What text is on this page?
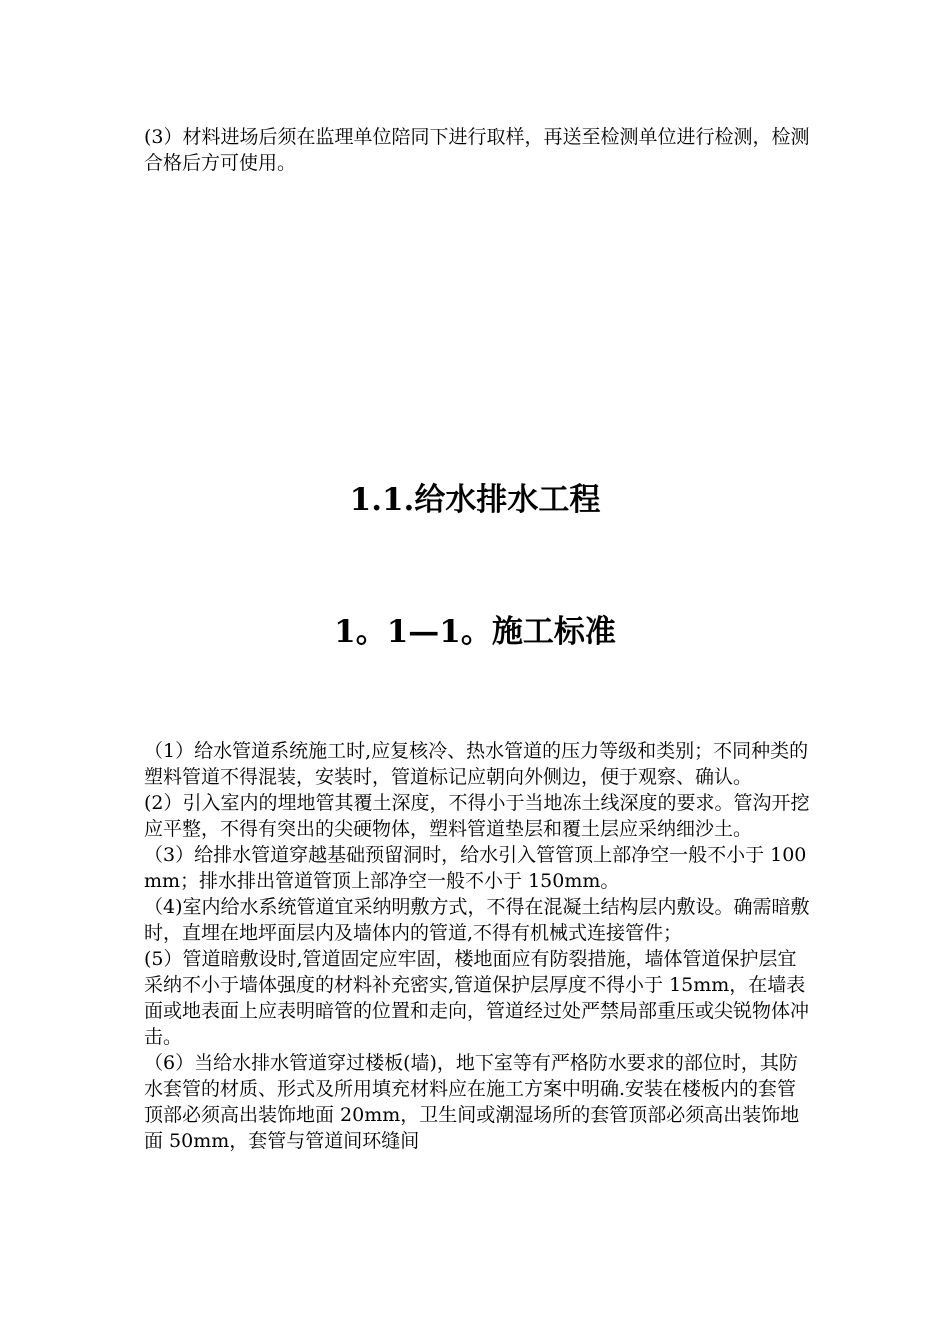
(3）材料进场后须在监理单位陪同下进行取样，再送至检测单位进行检测，检测合格后方可使用。

1.1.给水排水工程
1。1—1。施工标准

（1）给水管道系统施工时,应复核冷、热水管道的压力等级和类别；不同种类的塑料管道不得混装，安装时，管道标记应朝向外侧边，便于观察、确认。

(2）引入室内的埋地管其覆土深度，不得小于当地冻土线深度的要求。管沟开挖应平整，不得有突出的尖硬物体，塑料管道垫层和覆土层应采纳细沙土。

（3）给排水管道穿越基础预留洞时，给水引入管管顶上部净空一般不小于 100mm；排水排出管道管顶上部净空一般不小于 150mm。

（4)室内给水系统管道宜采纳明敷方式，不得在混凝土结构层内敷设。确需暗敷时，直埋在地坪面层内及墙体内的管道,不得有机械式连接管件；

(5）管道暗敷设时,管道固定应牢固，楼地面应有防裂措施，墙体管道保护层宜采纳不小于墙体强度的材料补充密实,管道保护层厚度不得小于 15mm，在墙表面或地表面上应表明暗管的位置和走向，管道经过处严禁局部重压或尖锐物体冲击。

（6）当给水排水管道穿过楼板(墙)，地下室等有严格防水要求的部位时，其防水套管的材质、形式及所用填充材料应在施工方案中明确.安装在楼板内的套管顶部必须高出装饰地面 20mm，卫生间或潮湿场所的套管顶部必须高出装饰地面 50mm，套管与管道间环缝间
